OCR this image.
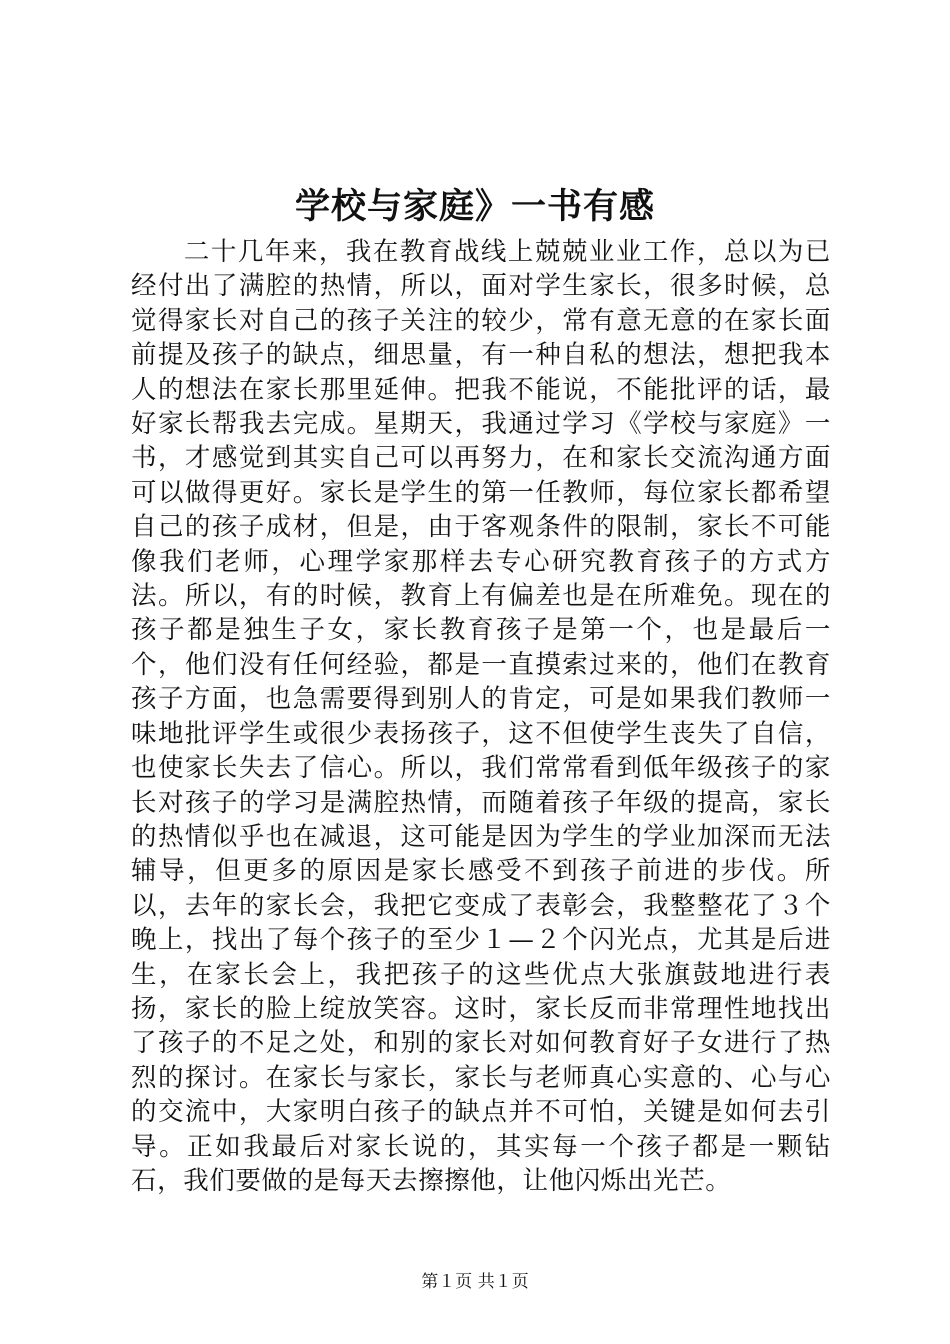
学校与家庭》一书有感

二十几年来，我在教育战线上兢兢业业工作，总以为已经付出了满腔的热情，所以，面对学生家长，很多时候，总觉得家长对自己的孩子关注的较少，常有意无意的在家长面前提及孩子的缺点，细思量，有一种自私的想法，想把我本人的想法在家长那里延伸。把我不能说，不能批评的话，最好家长帮我去完成。星期天，我通过学习《学校与家庭》一书，才感觉到其实自己可以再努力，在和家长交流沟通方面可以做得更好。家长是学生的第一任教师，每位家长都希望自己的孩子成材，但是，由于客观条件的限制，家长不可能像我们老师，心理学家那样去专心研究教育孩子的方式方法。所以，有的时候，教育上有偏差也是在所难免。现在的孩子都是独生子女，家长教育孩子是第一个，也是最后一个，他们没有任何经验，都是一直摸索过来的，他们在教育孩子方面，也急需要得到别人的肯定，可是如果我们教师一味地批评学生或很少表扬孩子，这不但使学生丧失了自信，也使家长失去了信心。所以，我们常常看到低年级孩子的家长对孩子的学习是满腔热情，而随着孩子年级的提高，家长的热情似乎也在减退，这可能是因为学生的学业加深而无法辅导，但更多的原因是家长感受不到孩子前进的步伐。所以，去年的家长会，我把它变成了表彰会，我整整花了３个晚上，找出了每个孩子的至少１—２个闪光点，尤其是后进生，在家长会上，我把孩子的这些优点大张旗鼓地进行表扬，家长的脸上绽放笑容。这时，家长反而非常理性地找出了孩子的不足之处，和别的家长对如何教育好子女进行了热烈的探讨。在家长与家长，家长与老师真心实意的、心与心的交流中，大家明白孩子的缺点并不可怕，关键是如何去引导。正如我最后对家长说的，其实每一个孩子都是一颗钻石，我们要做的是每天去擦擦他，让他闪烁出光芒。

第１页 共１页
